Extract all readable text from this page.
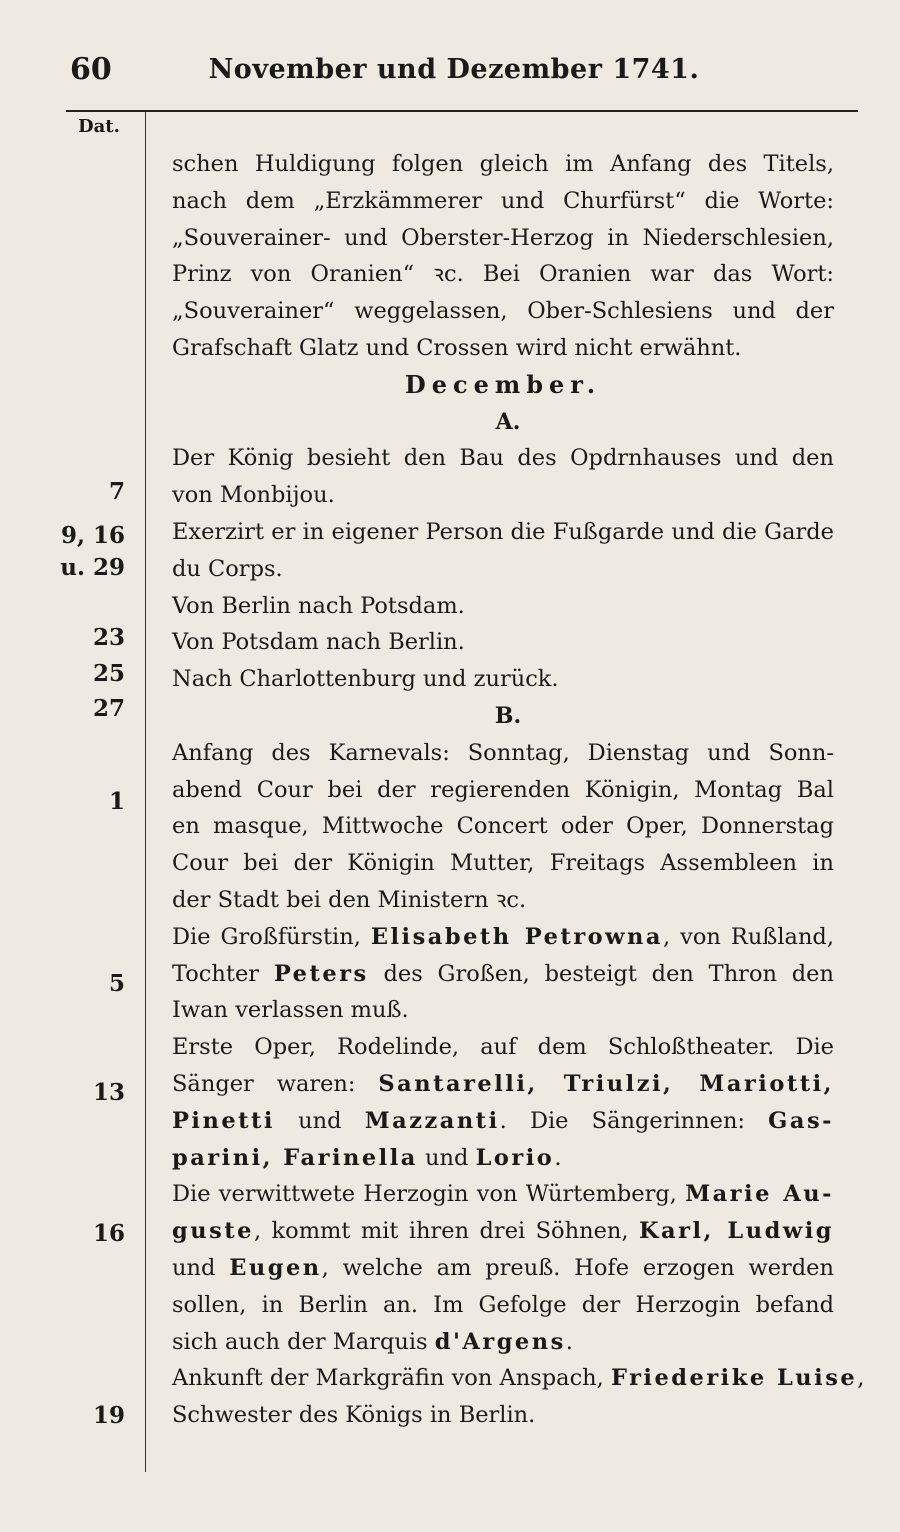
60	November und Dezember 1741.
Dat.
7
9, 16
u. 29
23
25
27
1
5
13
16
19
schen Huldigung folgen gleich im Anfang des Titels,
nach dem „Erzkämmerer und Churfürst“ die Worte:
„Souverainer- und Oberster-Herzog in Niederschlesien,
Prinz von Oranien“ ꝛc. Bei Oranien war das Wort:
„Souverainer“ weggelassen, Ober-Schlesiens und der
Grafschaft Glatz und Crossen wird nicht erwähnt.
December.
A.
Der König besieht den Bau des Opdrnhauses und den
von Monbijou.
Exerzirt er in eigener Person die Fußgarde und die Garde
du Corps.
Von Berlin nach Potsdam.
Von Potsdam nach Berlin.
Nach Charlottenburg und zurück.
B.
Anfang des Karnevals: Sonntag, Dienstag und Sonn-
abend Cour bei der regierenden Königin, Montag Bal
en masque, Mittwoche Concert oder Oper, Donnerstag
Cour bei der Königin Mutter, Freitags Assembleen in
der Stadt bei den Ministern ꝛc.
Die Großfürstin, Elisabeth Petrowna, von Rußland,
Tochter Peters des Großen, besteigt den Thron den
Iwan verlassen muß.
Erste Oper, Rodelinde, auf dem Schloßtheater. Die
Sänger waren: Santarelli, Triulzi, Mariotti,
Pinetti und Mazzanti. Die Sängerinnen: Gas-
parini, Farinella und Lorio.
Die verwittwete Herzogin von Würtemberg, Marie Au-
guste, kommt mit ihren drei Söhnen, Karl, Ludwig
und Eugen, welche am preuß. Hofe erzogen werden
sollen, in Berlin an. Im Gefolge der Herzogin befand
sich auch der Marquis d'Argens.
Ankunft der Markgräfin von Anspach, Friederike Luise,
Schwester des Königs in Berlin.
